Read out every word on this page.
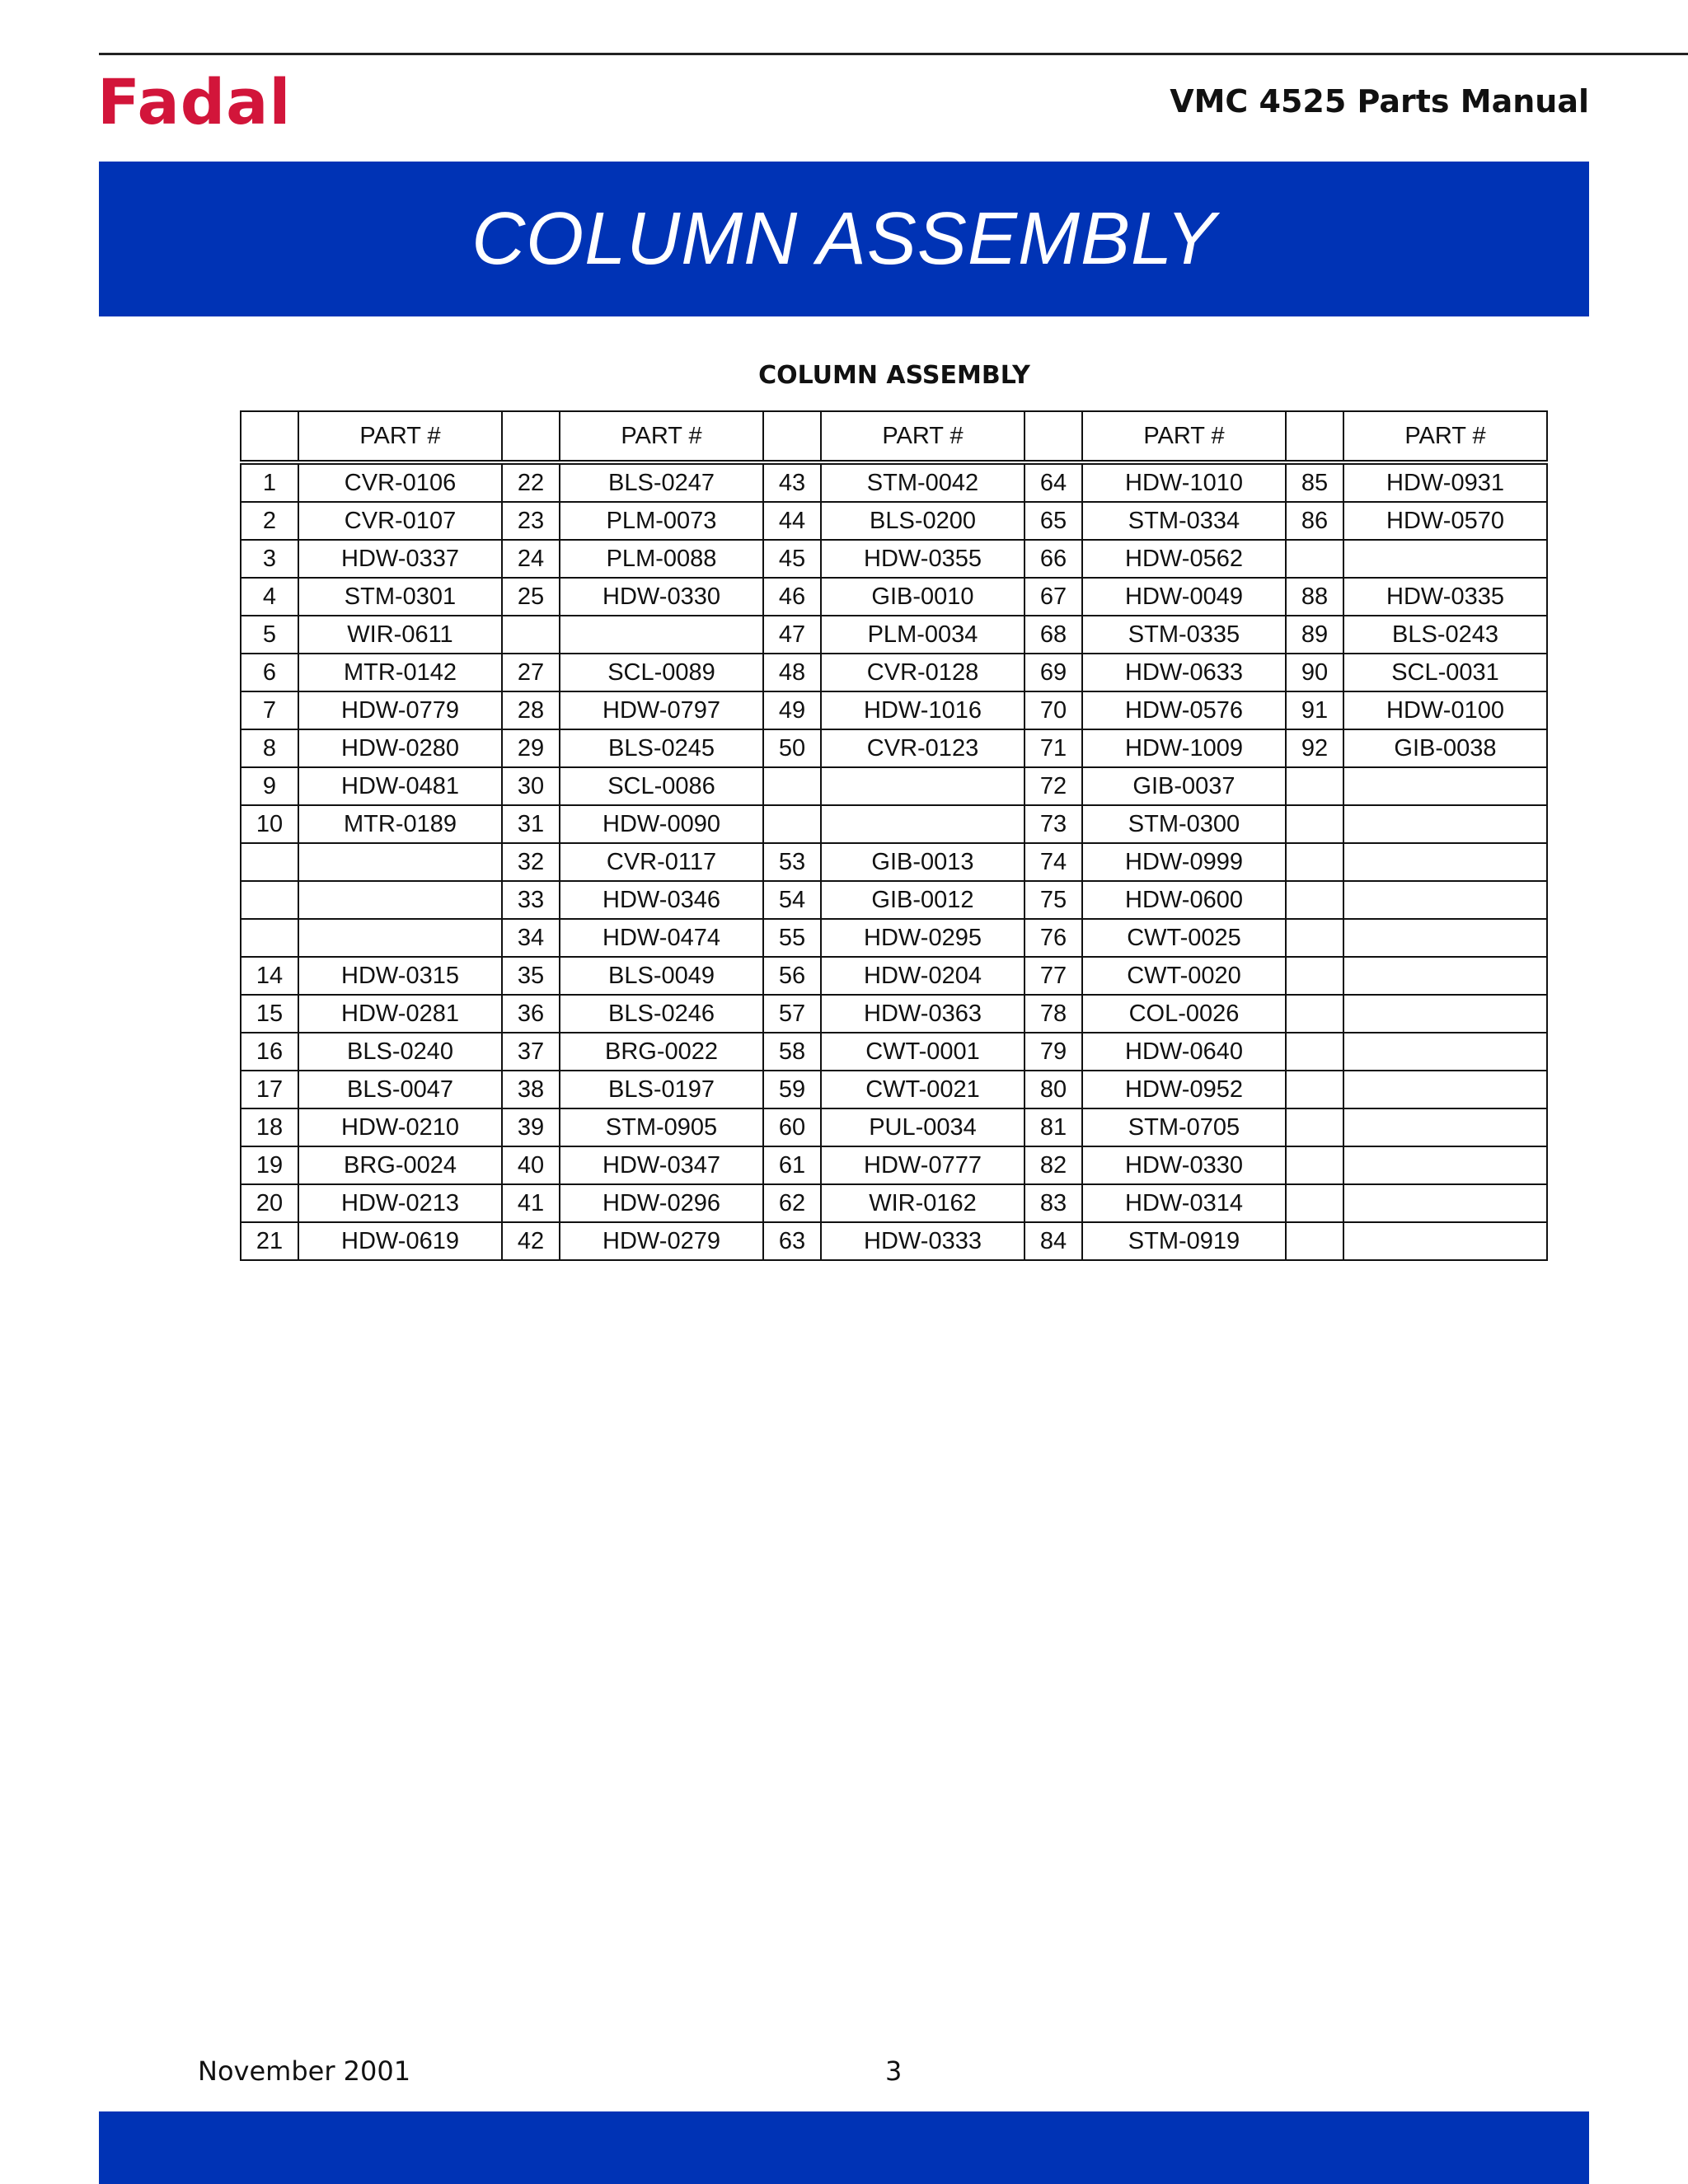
Fadal	VMC 4525 Parts Manual
COLUMN ASSEMBLY
COLUMN ASSEMBLY
	PART #		PART #		PART #		PART #		PART #
1	CVR-0106	22	BLS-0247	43	STM-0042	64	HDW-1010	85	HDW-0931
2	CVR-0107	23	PLM-0073	44	BLS-0200	65	STM-0334	86	HDW-0570
3	HDW-0337	24	PLM-0088	45	HDW-0355	66	HDW-0562		
4	STM-0301	25	HDW-0330	46	GIB-0010	67	HDW-0049	88	HDW-0335
5	WIR-0611			47	PLM-0034	68	STM-0335	89	BLS-0243
6	MTR-0142	27	SCL-0089	48	CVR-0128	69	HDW-0633	90	SCL-0031
7	HDW-0779	28	HDW-0797	49	HDW-1016	70	HDW-0576	91	HDW-0100
8	HDW-0280	29	BLS-0245	50	CVR-0123	71	HDW-1009	92	GIB-0038
9	HDW-0481	30	SCL-0086			72	GIB-0037		
10	MTR-0189	31	HDW-0090			73	STM-0300		
		32	CVR-0117	53	GIB-0013	74	HDW-0999		
		33	HDW-0346	54	GIB-0012	75	HDW-0600		
		34	HDW-0474	55	HDW-0295	76	CWT-0025		
14	HDW-0315	35	BLS-0049	56	HDW-0204	77	CWT-0020		
15	HDW-0281	36	BLS-0246	57	HDW-0363	78	COL-0026		
16	BLS-0240	37	BRG-0022	58	CWT-0001	79	HDW-0640		
17	BLS-0047	38	BLS-0197	59	CWT-0021	80	HDW-0952		
18	HDW-0210	39	STM-0905	60	PUL-0034	81	STM-0705		
19	BRG-0024	40	HDW-0347	61	HDW-0777	82	HDW-0330		
20	HDW-0213	41	HDW-0296	62	WIR-0162	83	HDW-0314		
21	HDW-0619	42	HDW-0279	63	HDW-0333	84	STM-0919		
November 2001	3
